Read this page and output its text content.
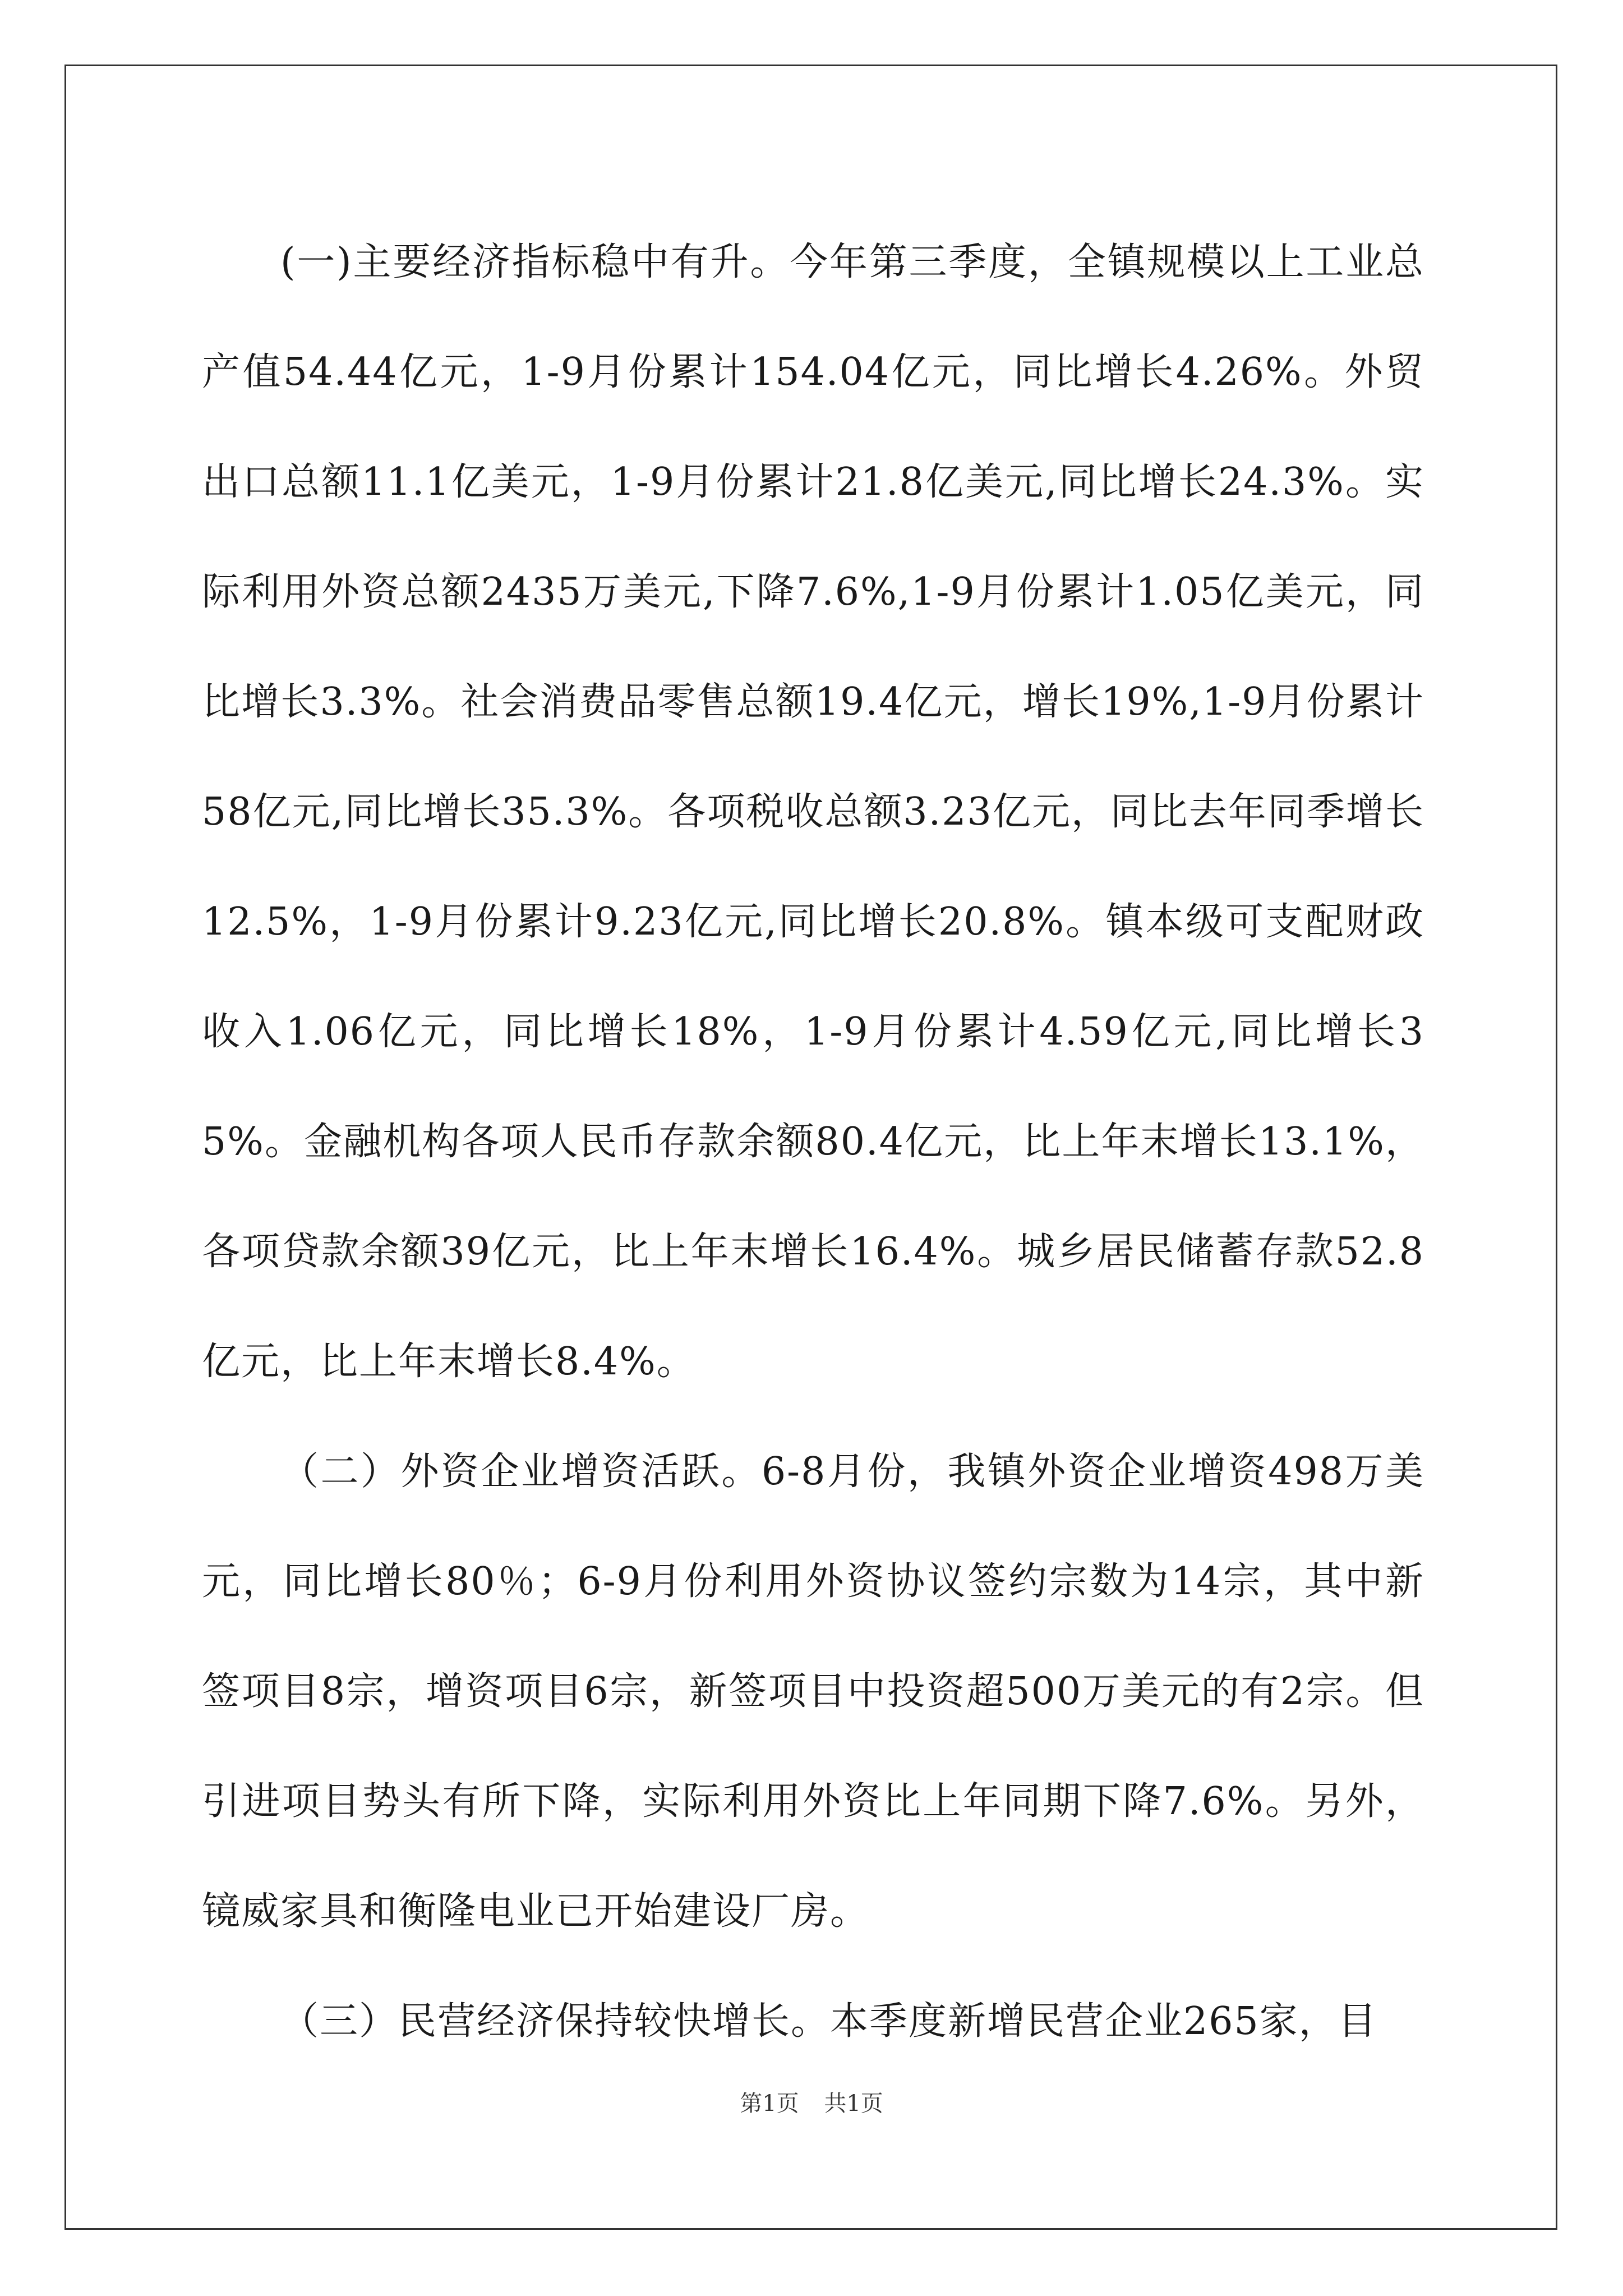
(一)主要经济指标稳中有升。今年第三季度，全镇规模以上工业总产值54.44亿元，1-9月份累计154.04亿元，同比增长4.26%。外贸出口总额11.1亿美元，1-9月份累计21.8亿美元,同比增长24.3%。实际利用外资总额2435万美元,下降7.6%,1-9月份累计1.05亿美元，同比增长3.3%。社会消费品零售总额19.4亿元，增长19%,1-9月份累计58亿元,同比增长35.3%。各项税收总额3.23亿元，同比去年同季增长12.5%，1-9月份累计9.23亿元,同比增长20.8%。镇本级可支配财政收入1.06亿元，同比增长18%，1-9月份累计4.59亿元,同比增长35%。金融机构各项人民币存款余额80.4亿元，比上年末增长13.1%，各项贷款余额39亿元，比上年末增长16.4%。城乡居民储蓄存款52.8亿元，比上年末增长8.4%。

（二）外资企业增资活跃。6-8月份，我镇外资企业增资498万美元，同比增长80％；6-9月份利用外资协议签约宗数为14宗，其中新签项目8宗，增资项目6宗，新签项目中投资超500万美元的有2宗。但引进项目势头有所下降，实际利用外资比上年同期下降7.6%。另外，镜威家具和衡隆电业已开始建设厂房。

（三）民营经济保持较快增长。本季度新增民营企业265家，目

第1页 共1页
